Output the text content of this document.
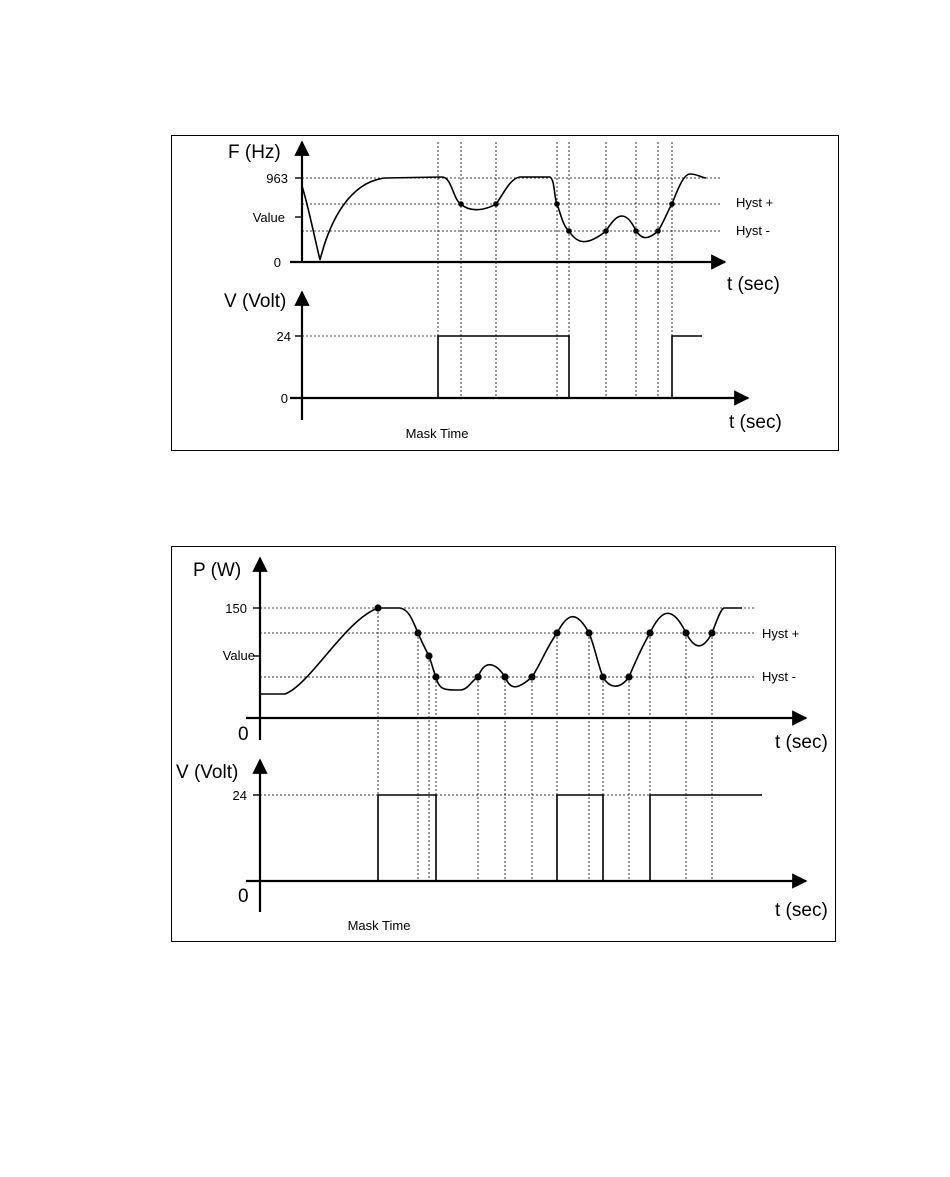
F (Hz)
963
Value
0
Hyst +
Hyst -
t (sec)
V (Volt)
24
0
t (sec)
Mask Time
P (W)
150
Value
0
Hyst +
Hyst -
t (sec)
V (Volt)
24
0
t (sec)
Mask Time
